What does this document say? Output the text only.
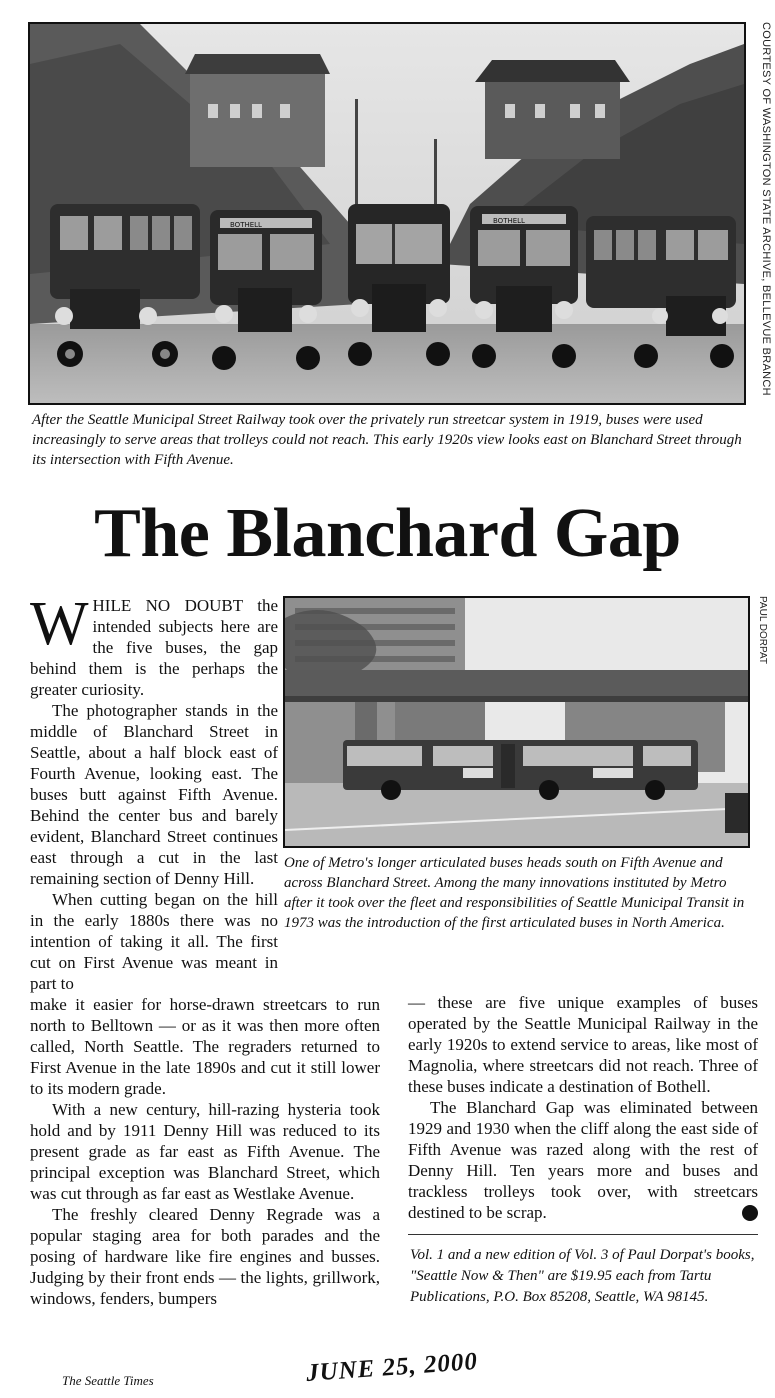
BOTHELL	BOTHELL	COURTESY OF WASHINGTON STATE ARCHIVE, BELLEVUE BRANCH
After the Seattle Municipal Street Railway took over the privately run streetcar system in 1919, buses were used increasingly to serve areas that trolleys could not reach. This early 1920s view looks east on Blanchard Street through its intersection with Fifth Avenue.
The Blanchard Gap

WHILE NO DOUBT the intended subjects here are the five buses, the gap behind them is the perhaps the greater curiosity.

The photographer stands in the middle of Blanchard Street in Seattle, about a half block east of Fourth Avenue, looking east. The buses butt against Fifth Avenue. Behind the center bus and barely evident, Blanchard Street continues east through a cut in the last remaining section of Denny Hill.

When cutting began on the hill in the early 1880s there was no intention of taking it all. The first cut on First Avenue was meant in part to

PAUL DORPAT
One of Metro's longer articulated buses heads south on Fifth Avenue and across Blanchard Street. Among the many innovations instituted by Metro after it took over the fleet and responsibilities of Seattle Municipal Transit in 1973 was the introduction of the first articulated buses in North America.

make it easier for horse-drawn streetcars to run north to Belltown — or as it was then more often called, North Seattle. The regraders returned to First Avenue in the late 1890s and cut it still lower to its modern grade.

With a new century, hill-razing hysteria took hold and by 1911 Denny Hill was reduced to its present grade as far east as Fifth Avenue. The principal exception was Blanchard Street, which was cut through as far east as Westlake Avenue.

The freshly cleared Denny Regrade was a popular staging area for both parades and the posing of hardware like fire engines and busses. Judging by their front ends — the lights, grillwork, windows, fenders, bumpers

— these are five unique examples of buses operated by the Seattle Municipal Railway in the early 1920s to extend service to areas, like most of Magnolia, where streetcars did not reach. Three of these buses indicate a destination of Bothell.

The Blanchard Gap was eliminated between 1929 and 1930 when the cliff along the east side of Fifth Avenue was razed along with the rest of Denny Hill. Ten years more and buses and trackless trolleys took over, with streetcars destined to be scrap.	P

Vol. 1 and a new edition of Vol. 3 of Paul Dorpat's books, "Seattle Now & Then" are $19.95 each from Tartu Publications, P.O. Box 85208, Seattle, WA 98145.
JUNE 25, 2000
The Seattle Times
